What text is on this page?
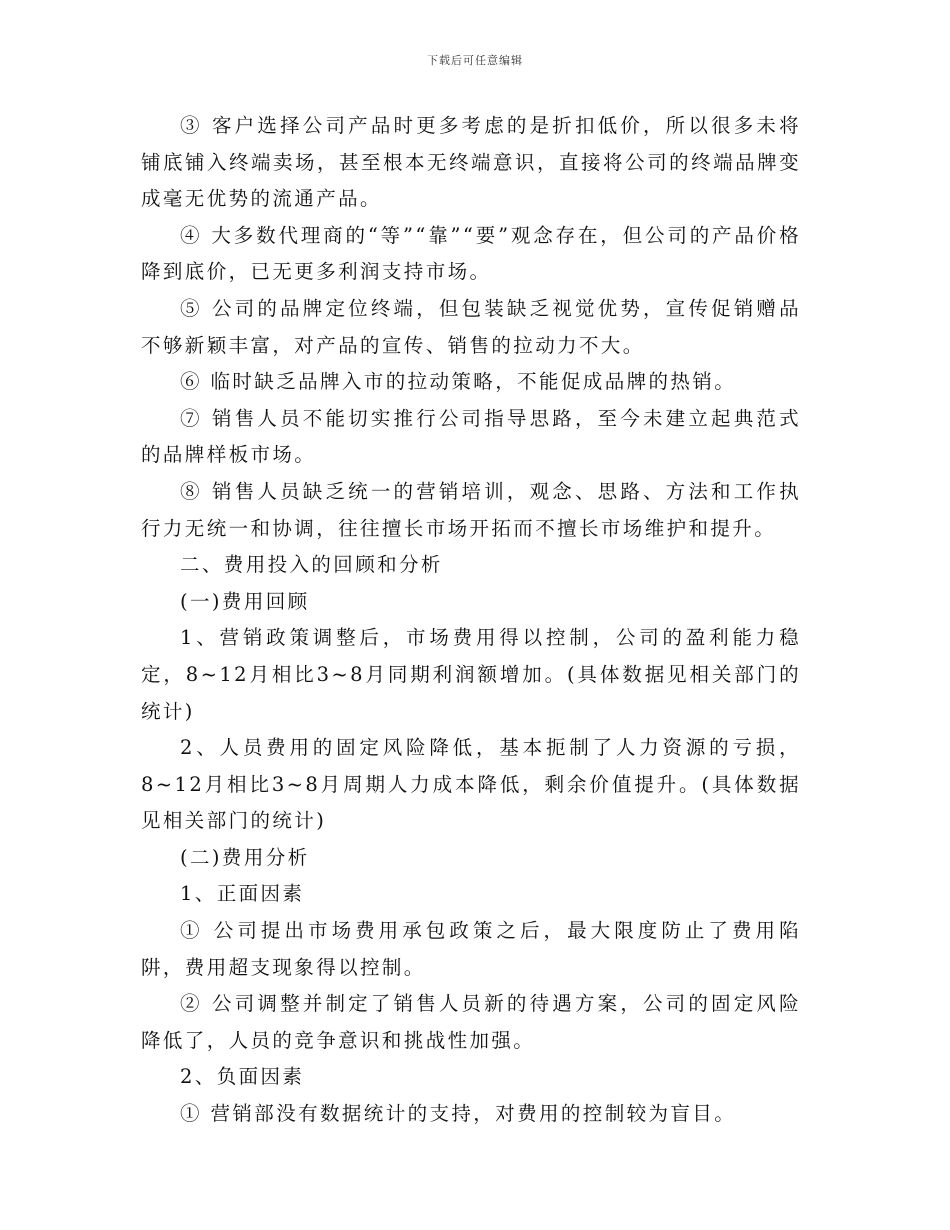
下载后可任意编辑

③ 客户选择公司产品时更多考虑的是折扣低价，所以很多未将铺底铺入终端卖场，甚至根本无终端意识，直接将公司的终端品牌变成毫无优势的流通产品。

④ 大多数代理商的“等”“靠”“要”观念存在，但公司的产品价格降到底价，已无更多利润支持市场。

⑤ 公司的品牌定位终端，但包装缺乏视觉优势，宣传促销赠品不够新颖丰富，对产品的宣传、销售的拉动力不大。

⑥ 临时缺乏品牌入市的拉动策略，不能促成品牌的热销。

⑦ 销售人员不能切实推行公司指导思路，至今未建立起典范式的品牌样板市场。

⑧ 销售人员缺乏统一的营销培训，观念、思路、方法和工作执行力无统一和协调，往往擅长市场开拓而不擅长市场维护和提升。

二、费用投入的回顾和分析

(一)费用回顾

1、营销政策调整后，市场费用得以控制，公司的盈利能力稳定，8~12月相比3~8月同期利润额增加。(具体数据见相关部门的统计)

2、人员费用的固定风险降低，基本扼制了人力资源的亏损，8~12月相比3~8月周期人力成本降低，剩余价值提升。(具体数据见相关部门的统计)

(二)费用分析

1、正面因素

① 公司提出市场费用承包政策之后，最大限度防止了费用陷阱，费用超支现象得以控制。

② 公司调整并制定了销售人员新的待遇方案，公司的固定风险降低了，人员的竞争意识和挑战性加强。

2、负面因素

① 营销部没有数据统计的支持，对费用的控制较为盲目。
